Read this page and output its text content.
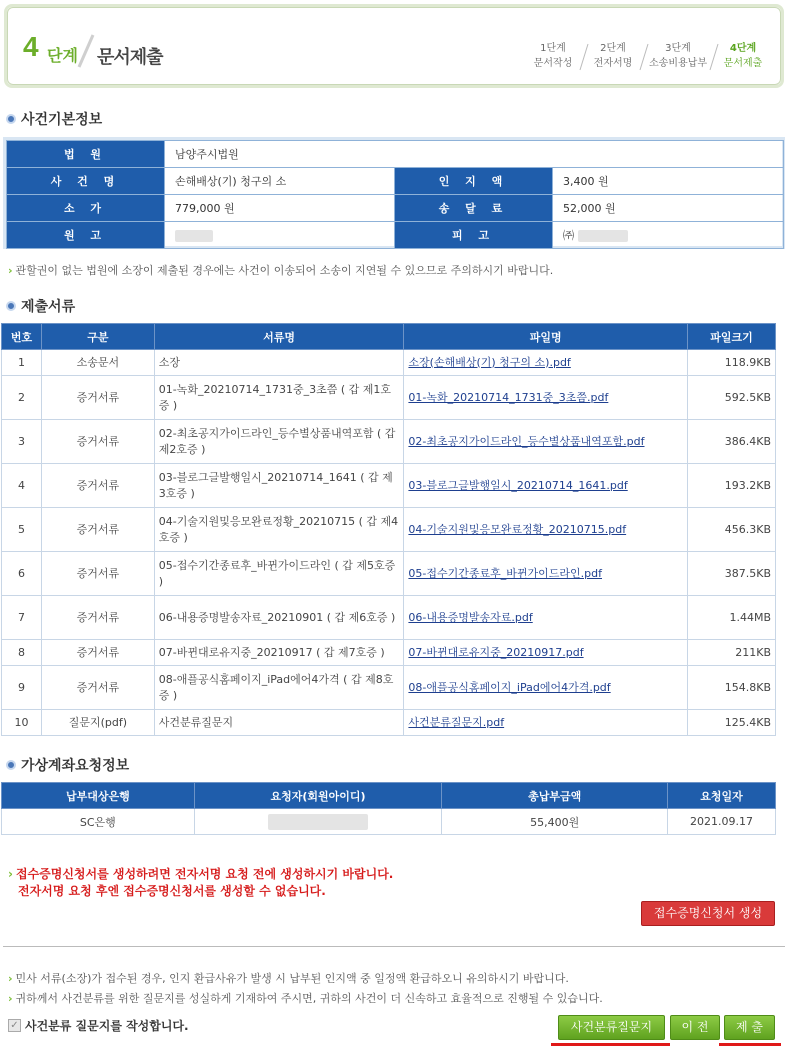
4 단계 문서제출	1단계
문서작성
2단계
전자서명
3단계
소송비용납부
4단계
문서제출
사건기본정보
법 원	남양주시법원		
사 건 명	손해배상(기) 청구의 소	인 지 액	3,400 원
소 가	779,000 원	송 달 료	52,000 원
원 고		피 고	㈜
› 관할권이 없는 법원에 소장이 제출된 경우에는 사건이 이송되어 소송이 지연될 수 있으므로 주의하시기 바랍니다.
제출서류
번호	구분	서류명	파일명	파일크기
1	소송문서	소장	소장(손해배상(기) 청구의 소).pdf	118.9KB
2	증거서류	01-녹화_20210714_1731중_3초쯤 ( 갑 제1호증 )	01-녹화_20210714_1731중_3초쯤.pdf	592.5KB
3	증거서류	02-최초공지가이드라인_등수별상품내역포함 ( 갑 제2호증 )	02-최초공지가이드라인_등수별상품내역포함.pdf	386.4KB
4	증거서류	03-블로그글발행일시_20210714_1641 ( 갑 제3호증 )	03-블로그글발행일시_20210714_1641.pdf	193.2KB
5	증거서류	04-기술지원및응모완료정황_20210715 ( 갑 제4호증 )	04-기술지원및응모완료정황_20210715.pdf	456.3KB
6	증거서류	05-접수기간종료후_바뀐가이드라인 ( 갑 제5호증 )	05-접수기간종료후_바뀐가이드라인.pdf	387.5KB
7	증거서류	06-내용증명발송자료_20210901 ( 갑 제6호증 )	06-내용증명발송자료.pdf	1.44MB
8	증거서류	07-바뀐대로유지중_20210917 ( 갑 제7호증 )	07-바뀐대로유지중_20210917.pdf	211KB
9	증거서류	08-애플공식홈페이지_iPad에어4가격 ( 갑 제8호증 )	08-애플공식홈페이지_iPad에어4가격.pdf	154.8KB
10	질문지(pdf)	사건분류질문지	사건분류질문지.pdf	125.4KB
가상계좌요청정보
납부대상은행	요청자(회원아이디)	총납부금액	요청일자
SC은행		55,400원	2021.09.17
› 접수증명신청서를 생성하려면 전자서명 요청 전에 생성하시기 바랍니다.
전자서명 요청 후엔 접수증명신청서를 생성할 수 없습니다.
접수증명신청서 생성
› 민사 서류(소장)가 접수된 경우, 인지 환급사유가 발생 시 납부된 인지액 중 일정액 환급하오니 유의하시기 바랍니다.
› 귀하께서 사건분류를 위한 질문지를 성실하게 기재하여 주시면, 귀하의 사건이 더 신속하고 효율적으로 진행될 수 있습니다.
✓ 사건분류 질문지를 작성합니다.	사건분류질문지	이 전	제 출
